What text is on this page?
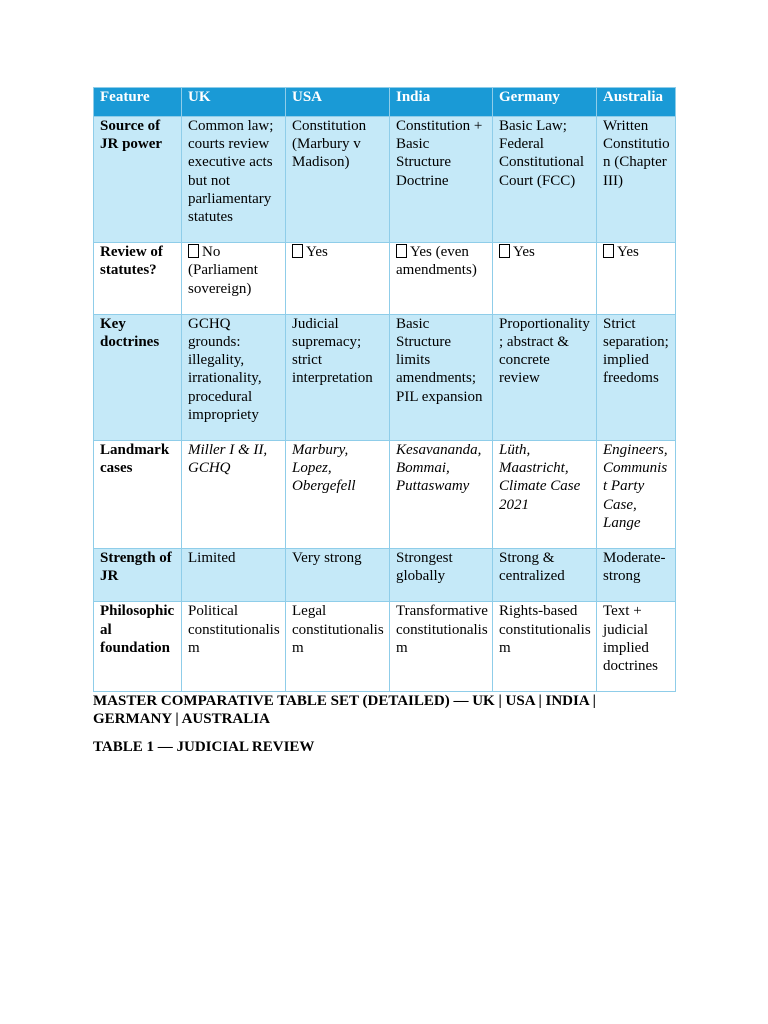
Feature	UK	USA	India	Germany	Australia
Source of JR power	Common law; courts review executive acts but not parliamentary statutes	Constitution (Marbury v Madison)	Constitution + Basic Structure Doctrine	Basic Law; Federal Constitutional Court (FCC)	Written Constitution (Chapter III)
Review of statutes?	No (Parliament sovereign)	Yes	Yes (even amendments)	Yes	Yes
Key doctrines	GCHQ grounds: illegality, irrationality, procedural impropriety	Judicial supremacy; strict interpretation	Basic Structure limits amendments; PIL expansion	Proportionality; abstract & concrete review	Strict separation; implied freedoms
Landmark cases	Miller I & II, GCHQ	Marbury, Lopez, Obergefell	Kesavananda, Bommai, Puttaswamy	Lüth, Maastricht, Climate Case 2021	Engineers, Communist Party Case, Lange
Strength of JR	Limited	Very strong	Strongest globally	Strong & centralized	Moderate-strong
Philosophical foundation	Political constitutionalism	Legal constitutionalism	Transformative constitutionalism	Rights-based constitutionalism	Text + judicial implied doctrines

MASTER COMPARATIVE TABLE SET (DETAILED) — UK | USA | INDIA | GERMANY | AUSTRALIA

TABLE 1 — JUDICIAL REVIEW
